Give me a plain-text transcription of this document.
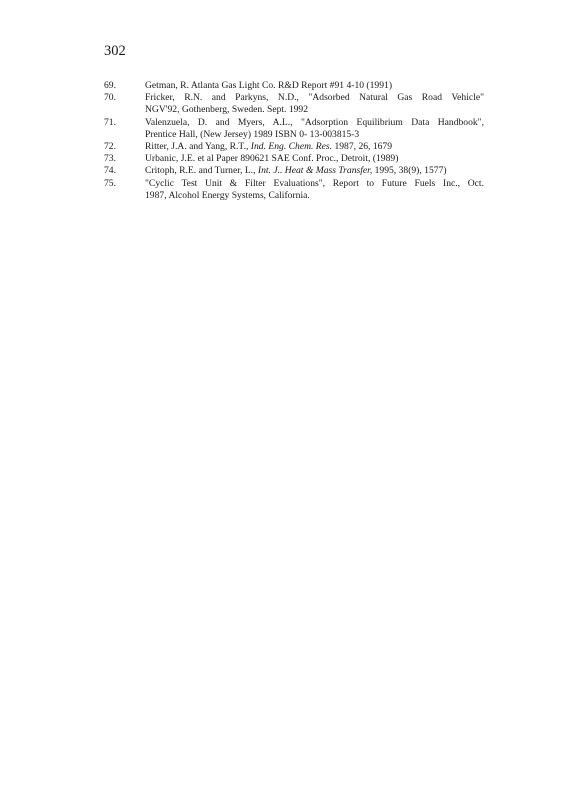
302
69.	Getman, R. Atlanta Gas Light Co. R&D Report #91 4-10 (1991)
70.	Fricker, R.N. and Parkyns, N.D., "Adsorbed Natural Gas Road Vehicle"
NGV'92, Gothenberg, Sweden. Sept. 1992
71.	Valenzuela, D. and Myers, A.L., "Adsorption Equilibrium Data Handbook",
Prentice Hall, (New Jersey) 1989 ISBN 0- 13-003815-3
72.	Ritter, J.A. and Yang, R.T., Ind. Eng. Chem. Res. 1987, 26, 1679
73.	Urbanic, J.E. et al Paper 890621 SAE Conf. Proc., Detroit, (1989)
74.	Critoph, R.E. and Turner, L., Int. J.. Heat & Mass Transfer, 1995, 38(9), 1577)
75.	"Cyclic Test Unit & Filter Evaluations", Report to Future Fuels Inc., Oct.
1987, Alcohol Energy Systems, California.
